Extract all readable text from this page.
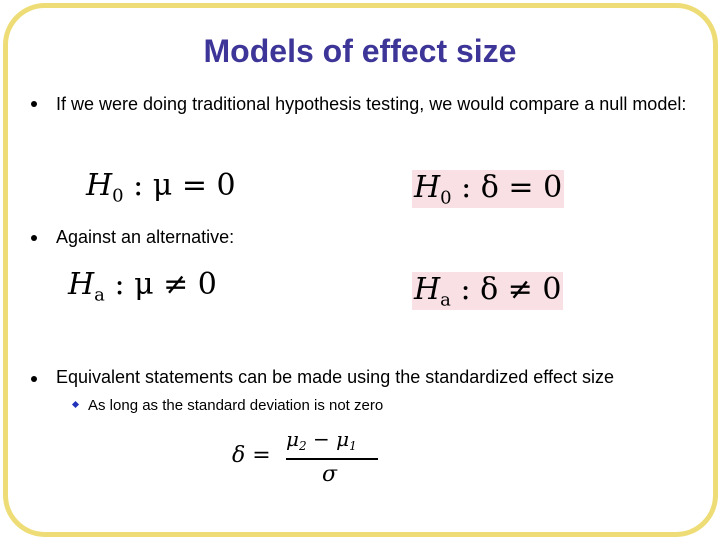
Models of effect size
If we were doing traditional hypothesis testing, we would compare a null model:
$H_0$ : μ = 0	$H_0$ : δ = 0
Against an alternative:
$H_a$ : μ ≠ 0	$H_a$ : δ ≠ 0
Equivalent statements can be made using the standardized effect size
As long as the standard deviation is not zero
δ =
$\mu_2 - \mu_1$
σ
